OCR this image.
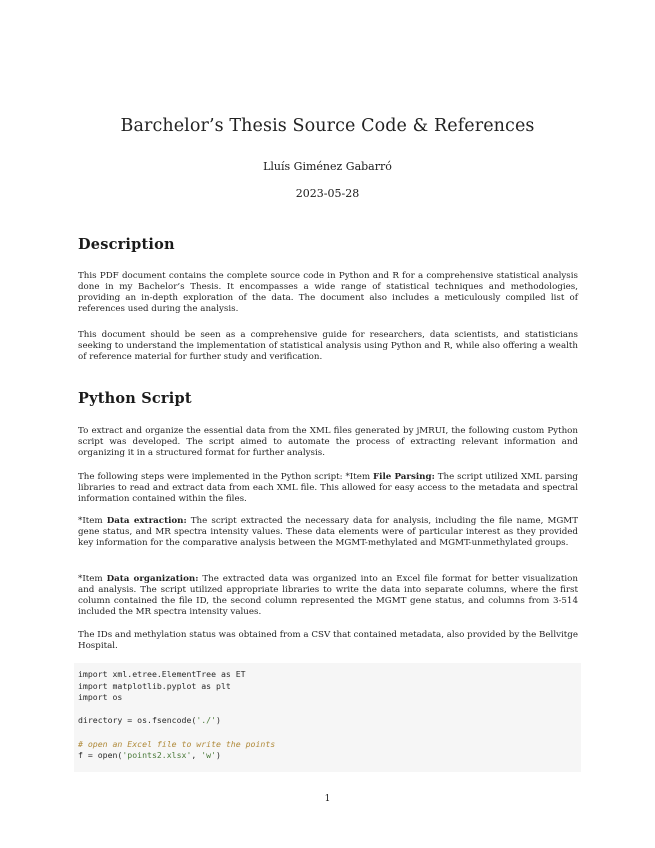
Barchelor’s Thesis Source Code & References
Lluís Giménez Gabarró
2023-05-28
Description
This PDF document contains the complete source code in Python and R for a comprehensive statistical analysis done in my Bachelor’s Thesis. It encompasses a wide range of statistical techniques and methodologies, providing an in-depth exploration of the data. The document also includes a meticulously compiled list of references used during the analysis.
This document should be seen as a comprehensive guide for researchers, data scientists, and statisticians seeking to understand the implementation of statistical analysis using Python and R, while also offering a wealth of reference material for further study and verification.
Python Script
To extract and organize the essential data from the XML files generated by jMRUI, the following custom Python script was developed. The script aimed to automate the process of extracting relevant information and organizing it in a structured format for further analysis.
The following steps were implemented in the Python script: *Item File Parsing: The script utilized XML parsing libraries to read and extract data from each XML file. This allowed for easy access to the metadata and spectral information contained within the files.
*Item Data extraction: The script extracted the necessary data for analysis, including the file name, MGMT gene status, and MR spectra intensity values. These data elements were of particular interest as they provided key information for the comparative analysis between the MGMT-methylated and MGMT-unmethylated groups.
*Item Data organization: The extracted data was organized into an Excel file format for better visualization and analysis. The script utilized appropriate libraries to write the data into separate columns, where the first column contained the file ID, the second column represented the MGMT gene status, and columns from 3-514 included the MR spectra intensity values.
The IDs and methylation status was obtained from a CSV that contained metadata, also provided by the Bellvitge Hospital.
import xml.etree.ElementTree as ET
import matplotlib.pyplot as plt
import os

directory = os.fsencode('./')

# open an Excel file to write the points
f = open('points2.xlsx', 'w')
1
